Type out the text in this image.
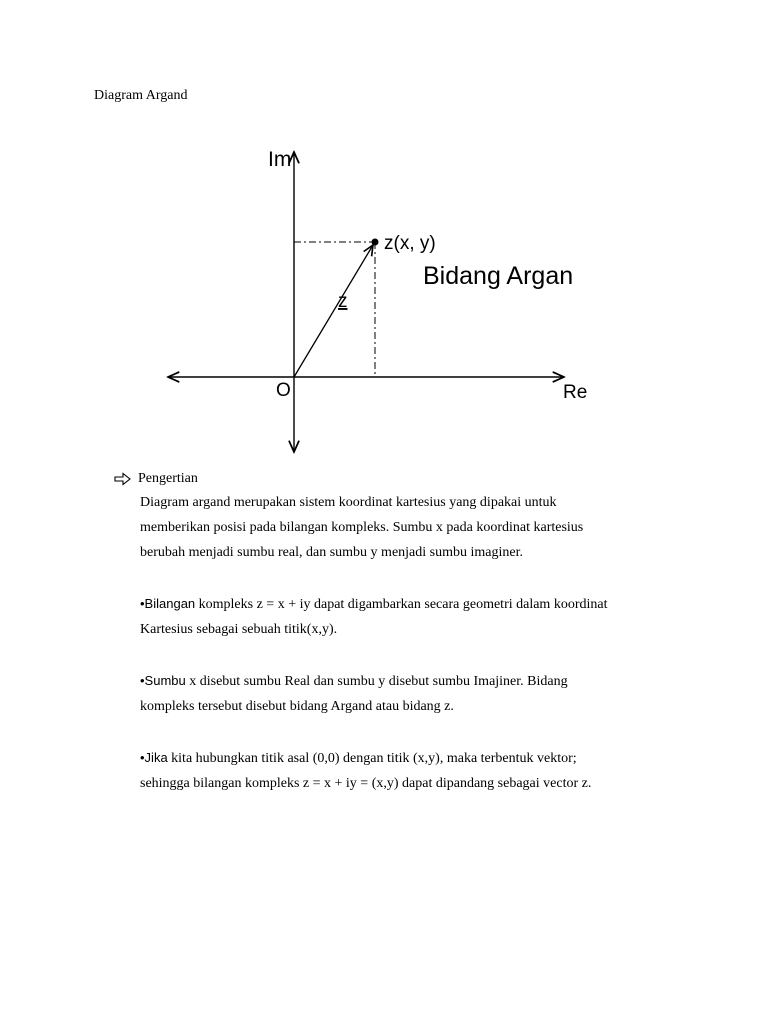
Diagram Argand
Im
Re
O
z(x, y)
z
Bidang Argan
Pengertian
Diagram argand merupakan sistem koordinat kartesius yang dipakai untuk
memberikan posisi pada bilangan kompleks. Sumbu x pada koordinat kartesius
berubah menjadi sumbu real, dan sumbu y menjadi sumbu imaginer.
•Bilangan kompleks z = x + iy dapat digambarkan secara geometri dalam koordinat
Kartesius sebagai sebuah titik(x,y).
•Sumbu x disebut sumbu Real dan sumbu y disebut sumbu Imajiner. Bidang
kompleks tersebut disebut bidang Argand atau bidang z.
•Jika kita hubungkan titik asal (0,0) dengan titik (x,y), maka terbentuk vektor;
sehingga bilangan kompleks z = x + iy = (x,y) dapat dipandang sebagai vector z.
